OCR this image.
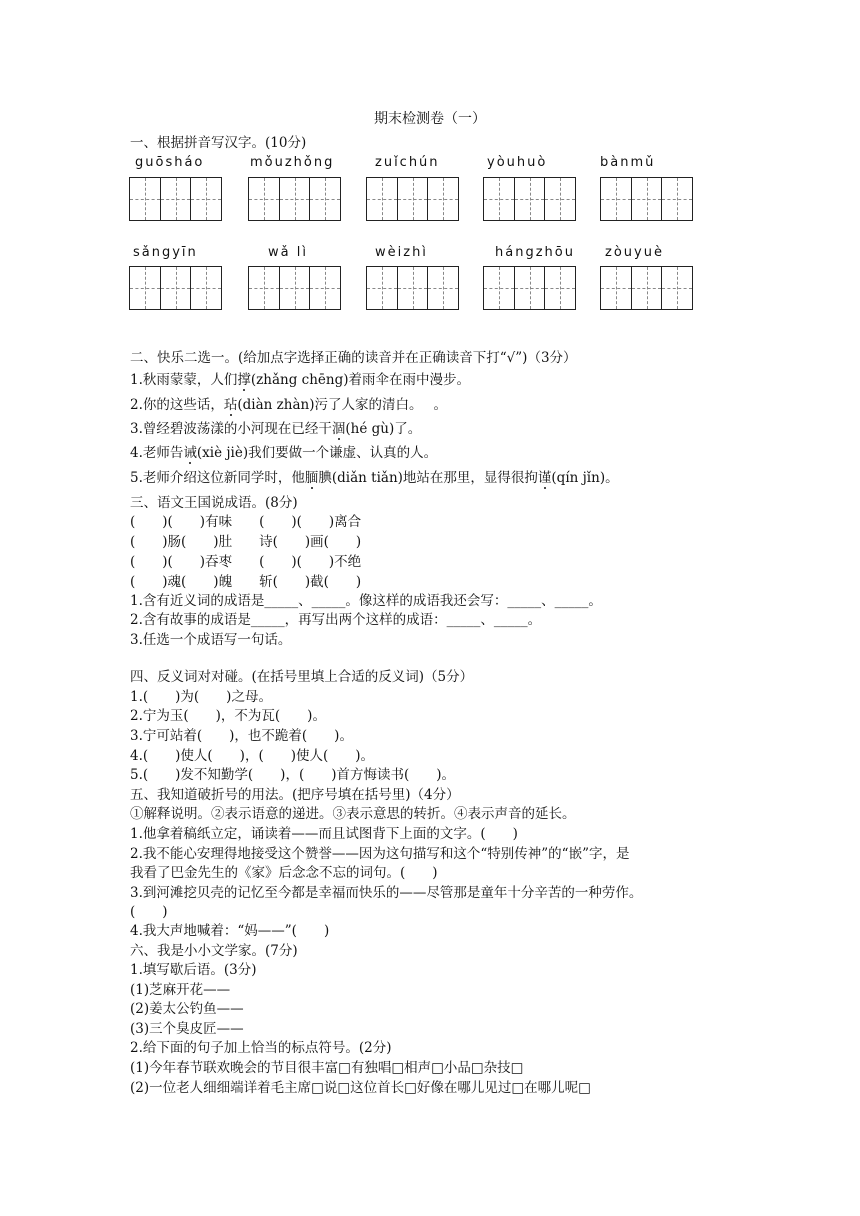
期末检测卷（一）
一、根据拼音写汉字。(10分)
guōsháo	mǒuzhǒng	zuǐchún	yòuhuò	bànmǔ
sǎngyīn	wǎ lì	wèizhì	hángzhōu zòuyuè
二、快乐二选一。(给加点字选择正确的读音并在正确读音下打“√”)（3分）
1.秋雨蒙蒙，人们撑(zhǎng chēng)着雨伞在雨中漫步。
2.你的这些话，玷(diàn zhàn)污了人家的清白。　 。
3.曾经碧波荡漾的小河现在已经干涸(hé gù)了。
4.老师告诫(xiè jiè)我们要做一个谦虚、认真的人。
5.老师介绍这位新同学时，他腼腆(diǎn tiǎn)地站在那里，显得很拘谨(qín jǐn)。
三、语文王国说成语。(8分)
(　　)(　　)有味　　(　　)(　　)离合
(　　)肠(　　)肚　　诗(　　)画(　　)
(　　)(　　)吞枣　　(　　)(　　)不绝
(　　)魂(　　)魄　　斩(　　)截(　　)
1.含有近义词的成语是_____、_____。像这样的成语我还会写：_____、_____。
2.含有故事的成语是_____，再写出两个这样的成语：_____、_____。
3.任选一个成语写一句话。
四、反义词对对碰。(在括号里填上合适的反义词)（5分）
1.(　　)为(　　)之母。
2.宁为玉(　　)，不为瓦(　　)。
3.宁可站着(　　)，也不跪着(　　)。
4.(　　)使人(　　)，(　　)使人(　　)。
5.(　　)发不知勤学(　　)，(　　)首方悔读书(　　)。
五、我知道破折号的用法。(把序号填在括号里)（4分）
①解释说明。②表示语意的递进。③表示意思的转折。④表示声音的延长。
1.他拿着稿纸立定，诵读着——而且试图背下上面的文字。(　　)
2.我不能心安理得地接受这个赞誉——因为这句描写和这个“特别传神”的“嵌”字，是
我看了巴金先生的《家》后念念不忘的词句。(　　)
3.到河滩挖贝壳的记忆至今都是幸福而快乐的——尽管那是童年十分辛苦的一种劳作。
(　　)
4.我大声地喊着：“妈——”(　　)
六、我是小小文学家。(7分)
1.填写歇后语。(3分)
(1)芝麻开花——
(2)姜太公钓鱼——
(3)三个臭皮匠——
2.给下面的句子加上恰当的标点符号。(2分)
(1)今年春节联欢晚会的节目很丰富□有独唱□相声□小品□杂技□
(2)一位老人细细端详着毛主席□说□这位首长□好像在哪儿见过□在哪儿呢□
